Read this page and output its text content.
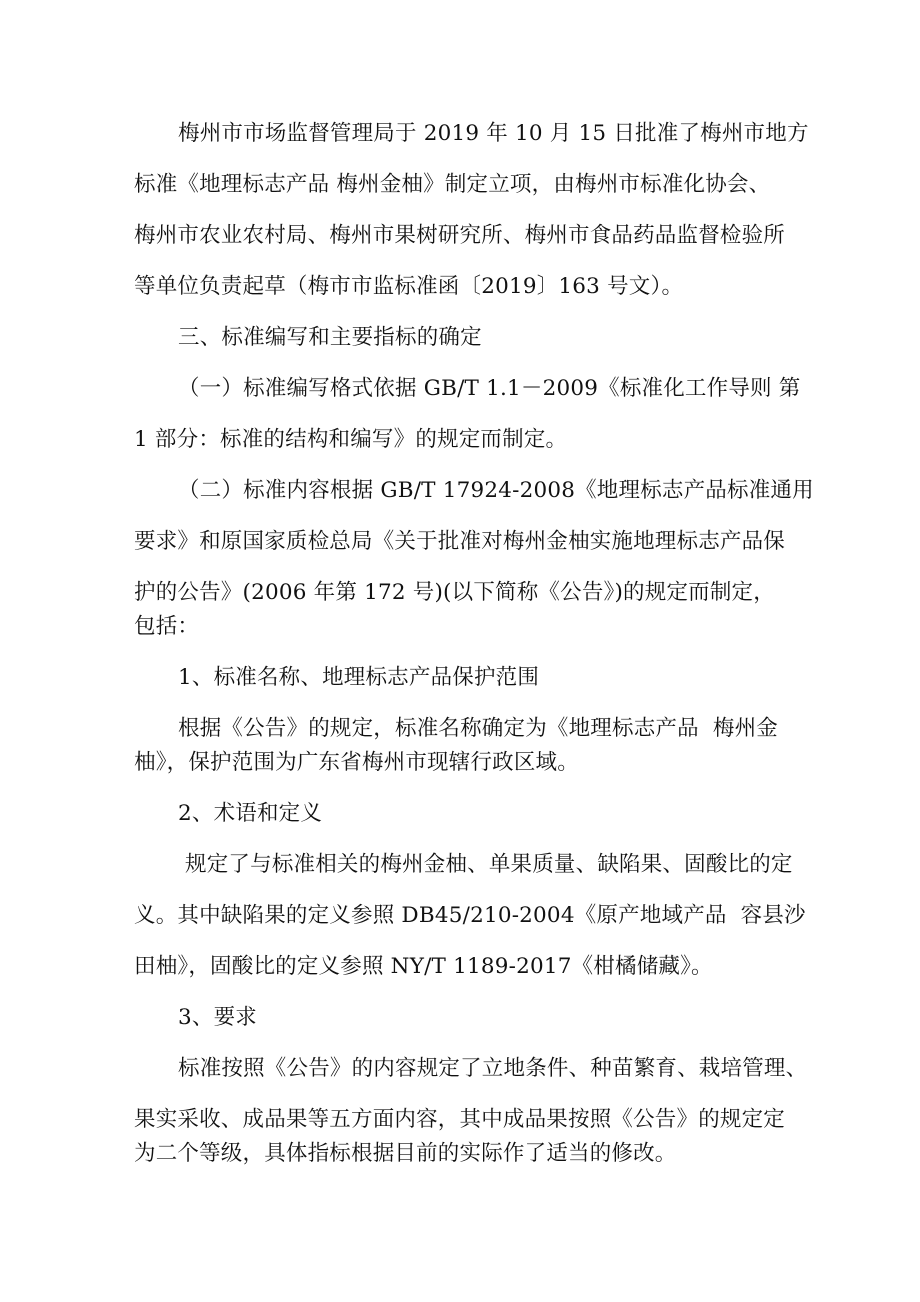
梅州市市场监督管理局于 2019 年 10 月 15 日批准了梅州市地方
标准《地理标志产品 梅州金柚》制定立项，由梅州市标准化协会、
梅州市农业农村局、梅州市果树研究所、梅州市食品药品监督检验所
等单位负责起草（梅市市监标准函〔2019〕163 号文）。
三、标准编写和主要指标的确定
（一）标准编写格式依据 GB/T 1.1－2009《标准化工作导则 第
1 部分：标准的结构和编写》的规定而制定。
（二）标准内容根据 GB/T 17924-2008《地理标志产品标准通用
要求》和原国家质检总局《关于批准对梅州金柚实施地理标志产品保
护的公告》(2006 年第 172 号)(以下简称《公告》)的规定而制定，
包括：
1、标准名称、地理标志产品保护范围
根据《公告》的规定，标准名称确定为《地理标志产品  梅州金
柚》，保护范围为广东省梅州市现辖行政区域。
2、术语和定义
规定了与标准相关的梅州金柚、单果质量、缺陷果、固酸比的定
义。其中缺陷果的定义参照 DB45/210-2004《原产地域产品  容县沙
田柚》，固酸比的定义参照 NY/T 1189-2017《柑橘储藏》。
3、要求
标准按照《公告》的内容规定了立地条件、种苗繁育、栽培管理、
果实采收、成品果等五方面内容，其中成品果按照《公告》的规定定
为二个等级，具体指标根据目前的实际作了适当的修改。
